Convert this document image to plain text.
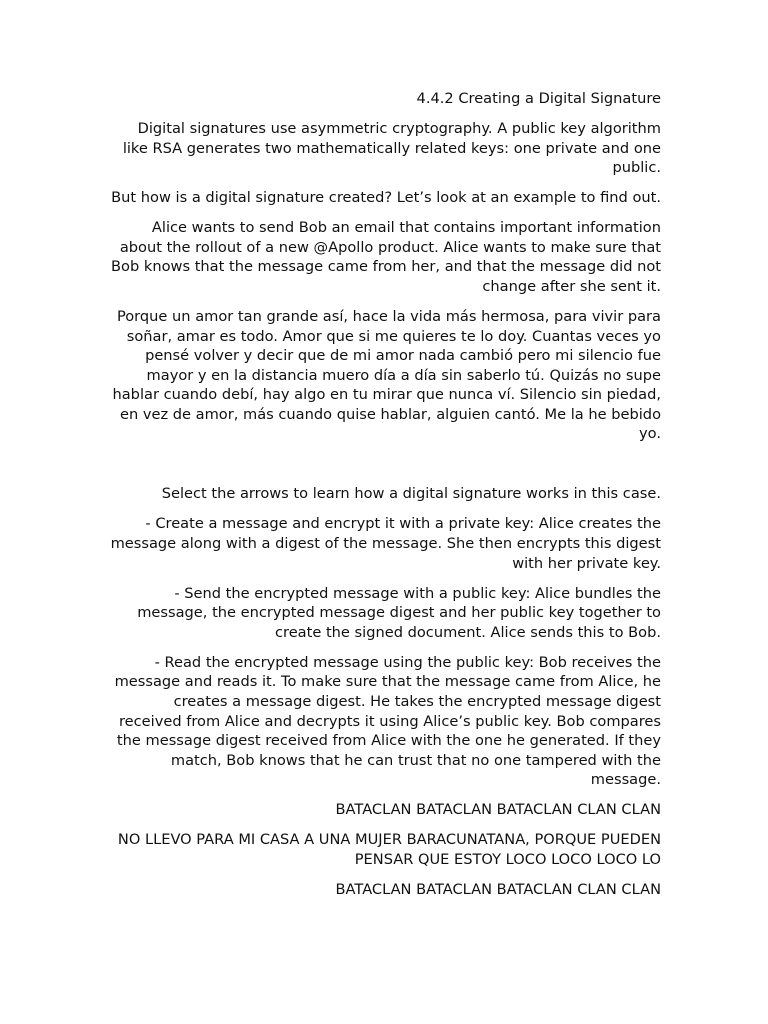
4.4.2 Creating a Digital Signature

Digital signatures use asymmetric cryptography. A public key algorithm like RSA generates two mathematically related keys: one private and one public.

But how is a digital signature created? Let’s look at an example to find out.

Alice wants to send Bob an email that contains important information about the rollout of a new @Apollo product. Alice wants to make sure that Bob knows that the message came from her, and that the message did not change after she sent it.

Porque un amor tan grande así, hace la vida más hermosa, para vivir para soñar, amar es todo. Amor que si me quieres te lo doy. Cuantas veces yo pensé volver y decir que de mi amor nada cambió pero mi silencio fue mayor y en la distancia muero día a día sin saberlo tú. Quizás no supe hablar cuando debí, hay algo en tu mirar que nunca ví. Silencio sin piedad, en vez de amor, más cuando quise hablar, alguien cantó. Me la he bebido yo.

Select the arrows to learn how a digital signature works in this case.

- Create a message and encrypt it with a private key: Alice creates the message along with a digest of the message. She then encrypts this digest with her private key.

- Send the encrypted message with a public key: Alice bundles the message, the encrypted message digest and her public key together to create the signed document. Alice sends this to Bob.

- Read the encrypted message using the public key: Bob receives the message and reads it. To make sure that the message came from Alice, he creates a message digest. He takes the encrypted message digest received from Alice and decrypts it using Alice’s public key. Bob compares the message digest received from Alice with the one he generated. If they match, Bob knows that he can trust that no one tampered with the message.

BATACLAN BATACLAN BATACLAN CLAN CLAN

NO LLEVO PARA MI CASA A UNA MUJER BARACUNATANA, PORQUE PUEDEN PENSAR QUE ESTOY LOCO LOCO LOCO LO

BATACLAN BATACLAN BATACLAN CLAN CLAN
